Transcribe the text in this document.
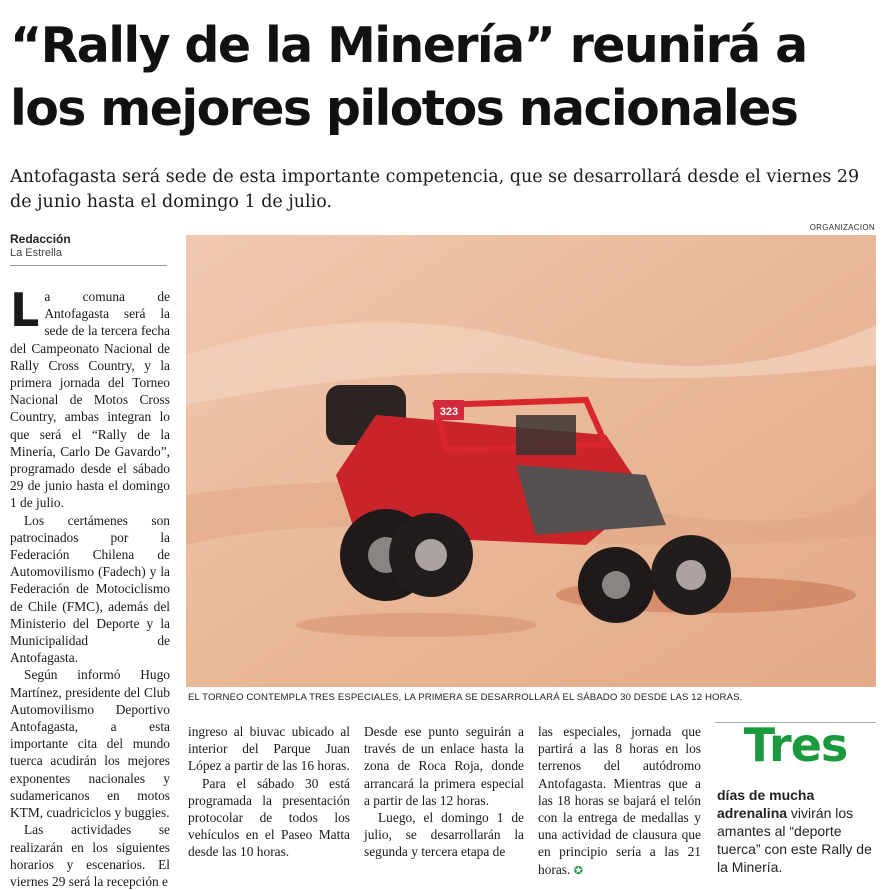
“Rally de la Minería” reunirá a los mejores pilotos nacionales
Antofagasta será sede de esta importante competencia, que se desarrollará desde el viernes 29 de junio hasta el domingo 1 de julio.
Redacción
La Estrella
ORGANIZACION
323
EL TORNEO CONTEMPLA TRES ESPECIALES, LA PRIMERA SE DESARROLLARÁ EL SÁBADO 30 DESDE LAS 12 HORAS.

La comuna de Antofagasta será la sede de la tercera fecha del Campeonato Nacional de Rally Cross Country, y la primera jornada del Torneo Nacional de Motos Cross Country, ambas integran lo que será el “Rally de la Minería, Carlo De Gavardo”, programado desde el sábado 29 de junio hasta el domingo 1 de julio.

Los certámenes son patrocinados por la Federación Chilena de Automovilismo (Fadech) y la Federación de Motociclismo de Chile (FMC), además del Ministerio del Deporte y la Municipalidad de Antofagasta.

Según informó Hugo Martínez, presidente del Club Automovilismo Deportivo Antofagasta, a esta importante cita del mundo tuerca acudirán los mejores exponentes nacionales y sudamericanos en motos KTM, cuadriciclos y buggies.

Las actividades se realizarán en los siguientes horarios y escenarios. El viernes 29 será la recepción e

ingreso al biuvac ubicado al interior del Parque Juan López a partir de las 16 horas.

Para el sábado 30 está programada la presentación protocolar de todos los vehículos en el Paseo Matta desde las 10 horas.

Desde ese punto seguirán a través de un enlace hasta la zona de Roca Roja, donde arrancará la primera especial a partir de las 12 horas.

Luego, el domingo 1 de julio, se desarrollarán la segunda y tercera etapa de

las especiales, jornada que partirá a las 8 horas en los terrenos del autódromo Antofagasta. Mientras que a las 18 horas se bajará el telón con la entrega de medallas y una actividad de clausura que en principio sería a las 21 horas. ✪

Tres
días de mucha adrenalina vivirán los amantes al “deporte tuerca” con este Rally de la Minería.
